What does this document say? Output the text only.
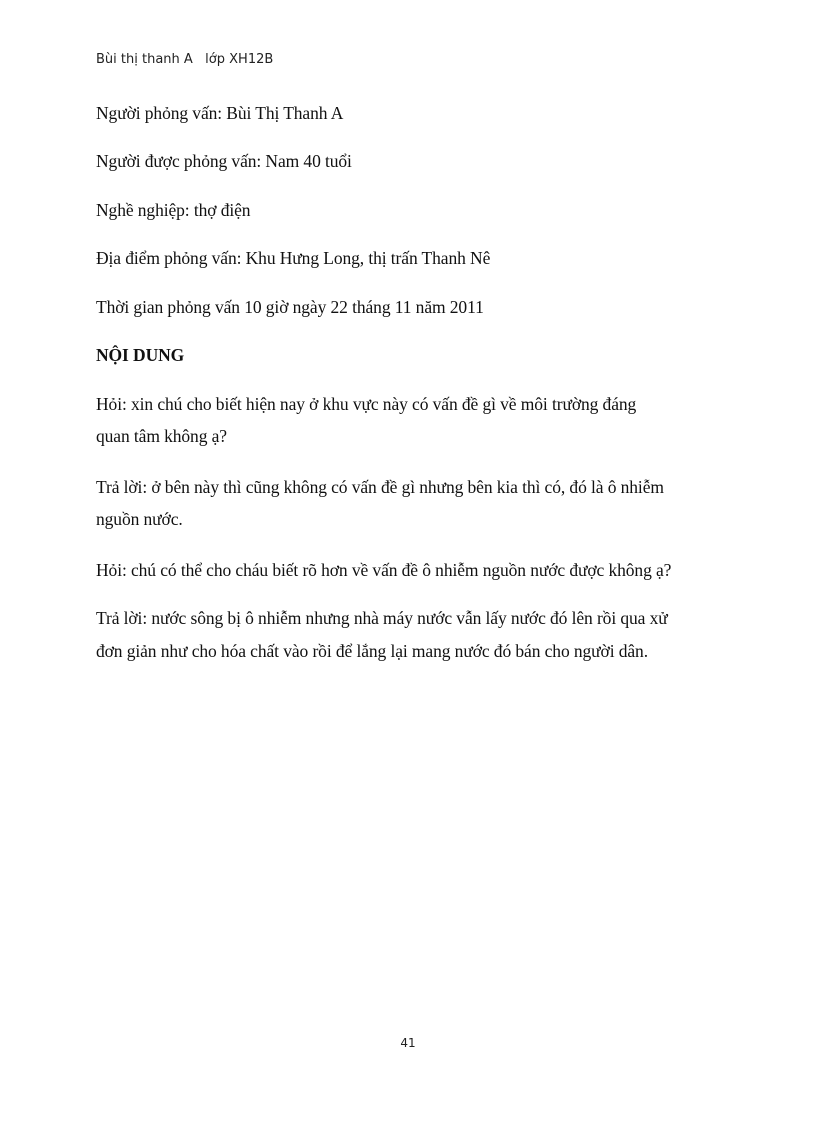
Bùi thị thanh A   lớp XH12B
Người phỏng vấn: Bùi Thị Thanh A
Người được phỏng vấn: Nam 40 tuổi
Nghề nghiệp: thợ điện
Địa điểm phỏng vấn: Khu Hưng Long, thị trấn Thanh Nê
Thời gian phỏng vấn 10 giờ ngày 22 tháng 11 năm 2011
NỘI DUNG
Hỏi: xin chú cho biết hiện nay ở khu vực này có vấn đề gì về môi trường đáng
quan tâm không ạ?
Trả lời: ở bên này thì cũng không có vấn đề gì nhưng bên kia thì có, đó là ô nhiễm
nguồn nước.
Hỏi: chú có thể cho cháu biết rõ hơn về vấn đề ô nhiễm nguồn nước được không ạ?
Trả lời: nước sông bị ô nhiễm nhưng nhà máy nước vẫn lấy nước đó lên rồi qua xử
đơn giản như cho hóa chất vào rồi để lắng lại mang nước đó bán cho người dân.
41
